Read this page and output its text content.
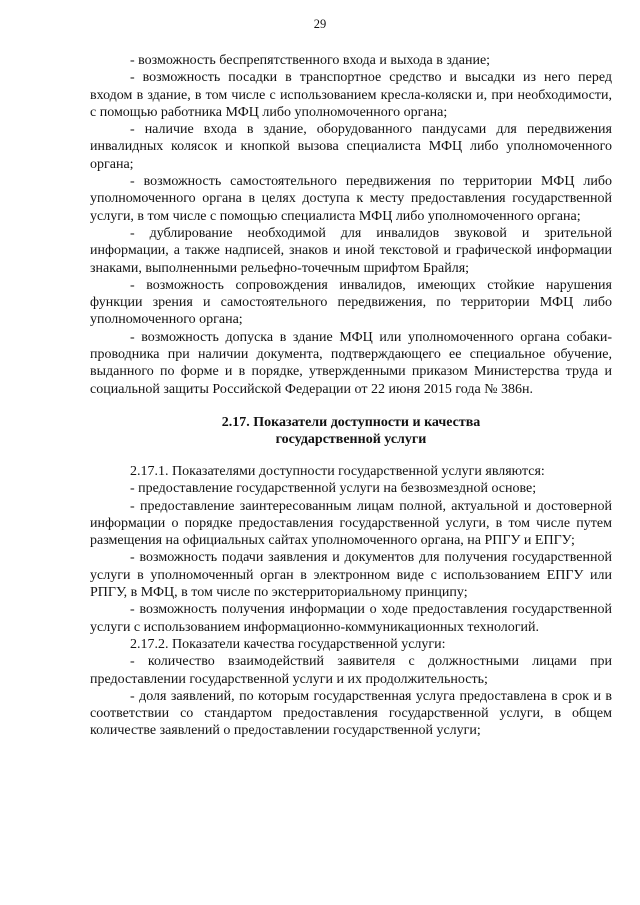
29

- возможность беспрепятственного входа и выхода в здание;

- возможность посадки в транспортное средство и высадки из него перед входом в здание, в том числе с использованием кресла-коляски и, при необходимости, с помощью работника МФЦ либо уполномоченного органа;

- наличие входа в здание, оборудованного пандусами для передвижения инвалидных колясок и кнопкой вызова специалиста МФЦ либо уполномоченного органа;

- возможность самостоятельного передвижения по территории МФЦ либо уполномоченного органа в целях доступа к месту предоставления государственной услуги, в том числе с помощью специалиста МФЦ либо уполномоченного органа;

- дублирование необходимой для инвалидов звуковой и зрительной информации, а также надписей, знаков и иной текстовой и графической информации знаками, выполненными рельефно-точечным шрифтом Брайля;

- возможность сопровождения инвалидов, имеющих стойкие нарушения функции зрения и самостоятельного передвижения, по территории МФЦ либо уполномоченного органа;

- возможность допуска в здание МФЦ или уполномоченного органа собаки-проводника при наличии документа, подтверждающего ее специальное обучение, выданного по форме и в порядке, утвержденными приказом Министерства труда и социальной защиты Российской Федерации от 22 июня 2015 года № 386н.

2.17. Показатели доступности и качества
государственной услуги

2.17.1. Показателями доступности государственной услуги являются:

- предоставление государственной услуги на безвозмездной основе;

- предоставление заинтересованным лицам полной, актуальной и достоверной информации о порядке предоставления государственной услуги, в том числе путем размещения на официальных сайтах уполномоченного органа, на РПГУ и ЕПГУ;

- возможность подачи заявления и документов для получения государственной услуги в уполномоченный орган в электронном виде с использованием ЕПГУ или РПГУ, в МФЦ, в том числе по экстерриториальному принципу;

- возможность получения информации о ходе предоставления государственной услуги с использованием информационно-коммуникационных технологий.

2.17.2. Показатели качества государственной услуги:

- количество взаимодействий заявителя с должностными лицами при предоставлении государственной услуги и их продолжительность;

- доля заявлений, по которым государственная услуга предоставлена в срок и в соответствии со стандартом предоставления государственной услуги, в общем количестве заявлений о предоставлении государственной услуги;
